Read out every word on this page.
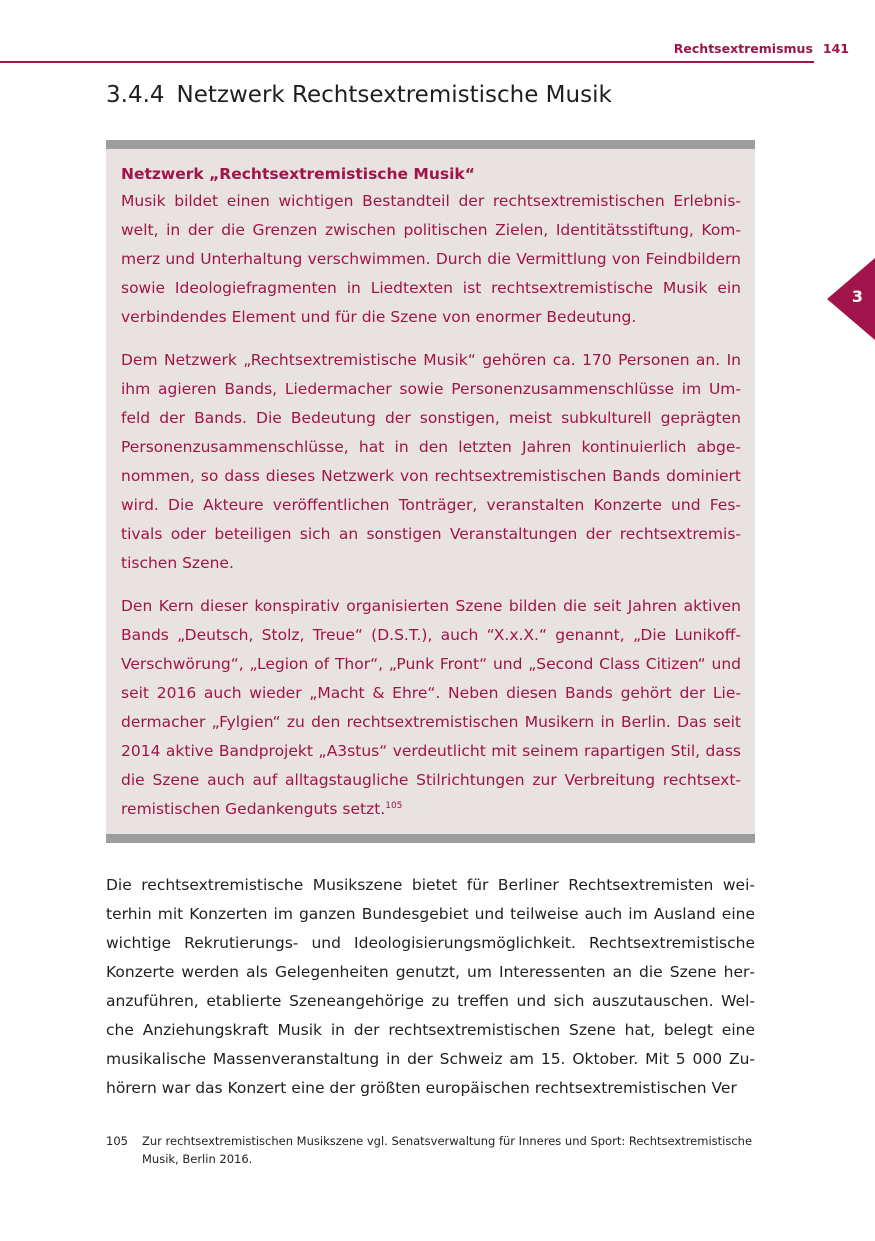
Rechtsextremismus 141
3
3.4.4 Netzwerk Rechtsextremistische Musik
Netzwerk „Rechtsextremistische Musik“

Musik bildet einen wichtigen Bestandteil der rechtsextremistischen Erlebniswelt, in der die Grenzen zwischen politischen Zielen, Identitätsstiftung, Kommerz und Unterhaltung verschwimmen. Durch die Vermittlung von Feindbildern sowie Ideologiefragmenten in Liedtexten ist rechtsextremistische Musik ein verbindendes Element und für die Szene von enormer Bedeutung.

Dem Netzwerk „Rechtsextremistische Musik“ gehören ca. 170 Personen an. In ihm agieren Bands, Liedermacher sowie Personenzusammenschlüsse im Umfeld der Bands. Die Bedeutung der sonstigen, meist subkulturell geprägten Personenzusammenschlüsse, hat in den letzten Jahren kontinuierlich abgenommen, so dass dieses Netzwerk von rechtsextremistischen Bands dominiert wird. Die Akteure veröffentlichen Tonträger, veranstalten Konzerte und Festivals oder beteiligen sich an sonstigen Veranstaltungen der rechtsextremistischen Szene.

Den Kern dieser konspirativ organisierten Szene bilden die seit Jahren aktiven Bands „Deutsch, Stolz, Treue“ (D.S.T.), auch “X.x.X.“ genannt, „Die Lunikoff-Verschwörung“, „Legion of Thor“, „Punk Front“ und „Second Class Citizen“ und seit 2016 auch wieder „Macht & Ehre“. Neben diesen Bands gehört der Liedermacher „Fylgien“ zu den rechtsextremistischen Musikern in Berlin. Das seit 2014 aktive Bandprojekt „A3stus“ verdeutlicht mit seinem rapartigen Stil, dass die Szene auch auf alltagstaugliche Stilrichtungen zur Verbreitung rechtsextremistischen Gedankenguts setzt.$^{105}$

Die rechtsextremistische Musikszene bietet für Berliner Rechtsextremisten weiterhin mit Konzerten im ganzen Bundesgebiet und teilweise auch im Ausland eine wichtige Rekrutierungs- und Ideologisierungsmöglichkeit. Rechtsextremistische Konzerte werden als Gelegenheiten genutzt, um Interessenten an die Szene heranzuführen, etablierte Szeneangehörige zu treffen und sich auszutauschen. Welche Anziehungskraft Musik in der rechtsextremistischen Szene hat, belegt eine musikalische Massenveranstaltung in der Schweiz am 15. Oktober. Mit 5 000 Zuhörern war das Konzert eine der größten europäischen rechtsextremistischen Ver

105	Zur rechtsextremistischen Musikszene vgl. Senatsverwaltung für Inneres und Sport: Rechtsextremistische Musik, Berlin 2016.
